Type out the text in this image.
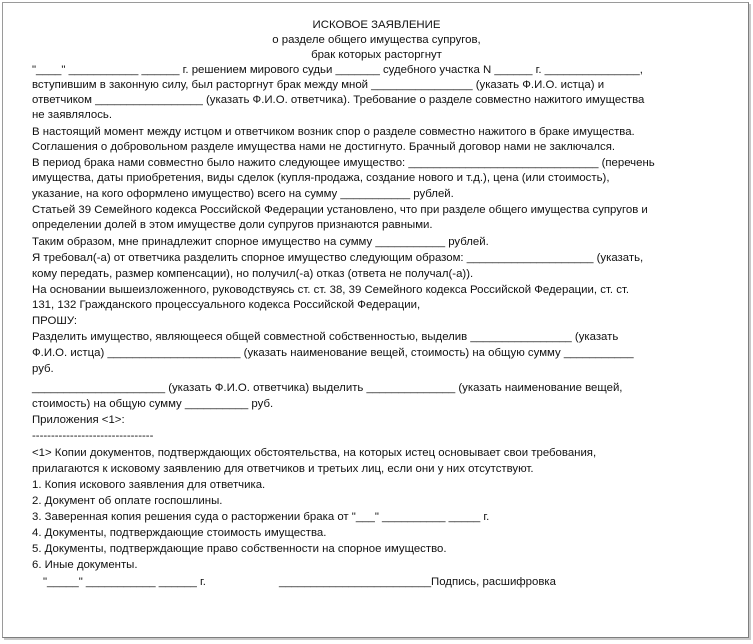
ИСКОВОЕ ЗАЯВЛЕНИЕ
о разделе общего имущества супругов,
брак которых расторгнут
"____" ___________ ______ г. решением мирового судьи _______ судебного участка N ______ г. _______________,
вступившим в законную силу, был расторгнут брак между мной ________________ (указать Ф.И.О. истца) и
ответчиком _________________ (указать Ф.И.О. ответчика). Требование о разделе совместно нажитого имущества
не заявлялось.
В настоящий момент между истцом и ответчиком возник спор о разделе совместно нажитого в браке имущества.
Соглашения о добровольном разделе имущества нами не достигнуто. Брачный договор нами не заключался.
В период брака нами совместно было нажито следующее имущество: ______________________________ (перечень
имущества, даты приобретения, виды сделок (купля-продажа, создание нового и т.д.), цена (или стоимость),
указание, на кого оформлено имущество) всего на сумму ___________ рублей.
Статьей 39 Семейного кодекса Российской Федерации установлено, что при разделе общего имущества супругов и
определении долей в этом имуществе доли супругов признаются равными.
Таким образом, мне принадлежит спорное имущество на сумму ___________ рублей.
Я требовал(-а) от ответчика разделить спорное имущество следующим образом: ____________________ (указать,
кому передать, размер компенсации), но получил(-а) отказ (ответа не получал(-а)).
На основании вышеизложенного, руководствуясь ст. ст. 38, 39 Семейного кодекса Российской Федерации, ст. ст.
131, 132 Гражданского процессуального кодекса Российской Федерации,
ПРОШУ:
Разделить имущество, являющееся общей совместной собственностью, выделив ________________ (указать
Ф.И.О. истца) _____________________ (указать наименование вещей, стоимость) на общую сумму ___________
руб.
_____________________ (указать Ф.И.О. ответчика) выделить ______________ (указать наименование вещей,
стоимость) на общую сумму __________ руб.
Приложения <1>:
--------------------------------
<1> Копии документов, подтверждающих обстоятельства, на которых истец основывает свои требования,
прилагаются к исковому заявлению для ответчиков и третьих лиц, если они у них отсутствуют.
1. Копия искового заявления для ответчика.
2. Документ об оплате госпошлины.
3. Заверенная копия решения суда о расторжении брака от "___" __________ _____ г.
4. Документы, подтверждающие стоимость имущества.
5. Документы, подтверждающие право собственности на спорное имущество.
6. Иные документы.
"_____" ___________ ______ г.	________________________Подпись, расшифровка
